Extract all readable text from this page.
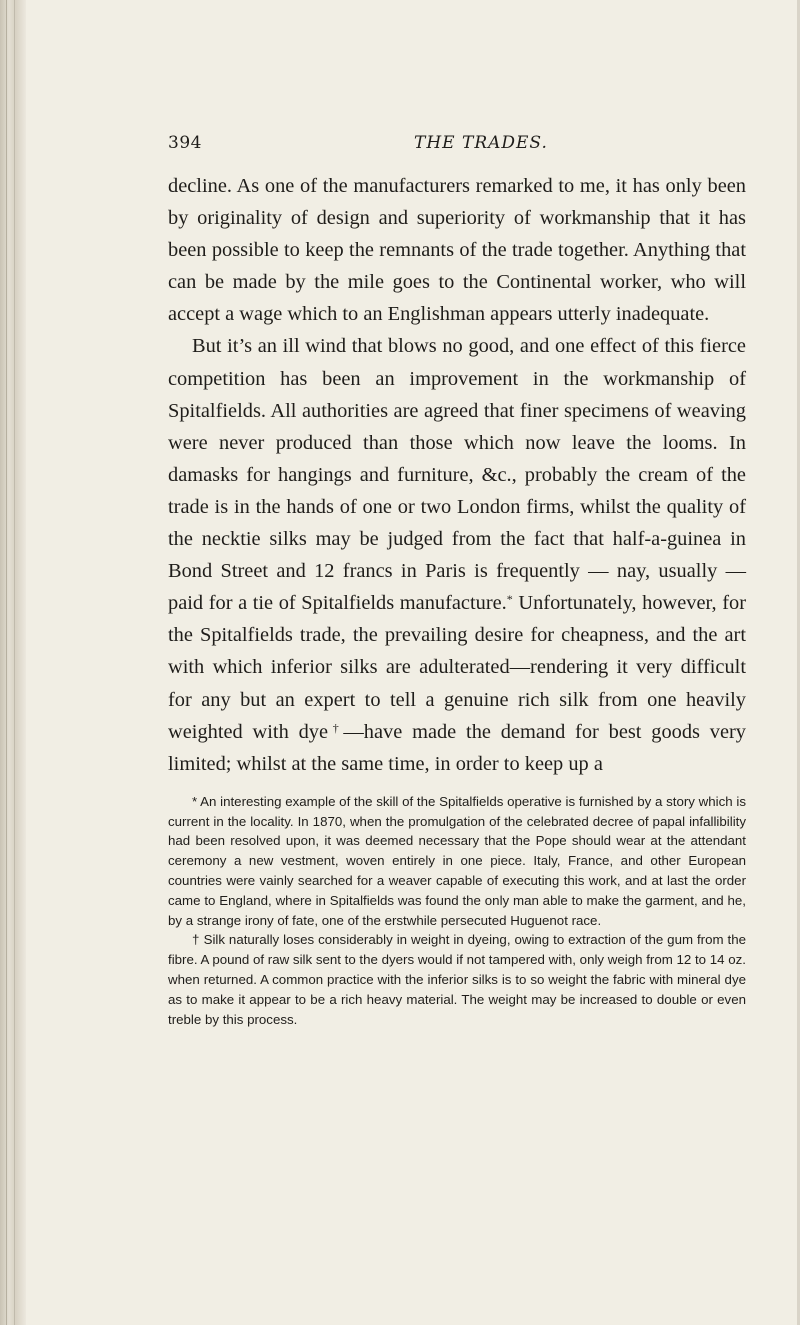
394	THE TRADES.

decline. As one of the manufacturers remarked to me, it has only been by originality of design and superiority of workmanship that it has been possible to keep the remnants of the trade together. Anything that can be made by the mile goes to the Continental worker, who will accept a wage which to an Englishman appears utterly inadequate.

But it’s an ill wind that blows no good, and one effect of this fierce competition has been an improvement in the workmanship of Spitalfields. All authorities are agreed that finer specimens of weaving were never produced than those which now leave the looms. In damasks for hangings and furniture, &c., probably the cream of the trade is in the hands of one or two London firms, whilst the quality of the necktie silks may be judged from the fact that half-a-guinea in Bond Street and 12 francs in Paris is frequently — nay, usually — paid for a tie of Spitalfields manufacture.* Unfortunately, however, for the Spitalfields trade, the prevailing desire for cheapness, and the art with which inferior silks are adulterated—rendering it very difficult for any but an expert to tell a genuine rich silk from one heavily weighted with dye†—have made the demand for best goods very limited; whilst at the same time, in order to keep up a

* An interesting example of the skill of the Spitalfields operative is furnished by a story which is current in the locality. In 1870, when the promulgation of the celebrated decree of papal infallibility had been resolved upon, it was deemed necessary that the Pope should wear at the attendant ceremony a new vestment, woven entirely in one piece. Italy, France, and other European countries were vainly searched for a weaver capable of executing this work, and at last the order came to England, where in Spitalfields was found the only man able to make the garment, and he, by a strange irony of fate, one of the erstwhile persecuted Huguenot race.

† Silk naturally loses considerably in weight in dyeing, owing to extraction of the gum from the fibre. A pound of raw silk sent to the dyers would if not tampered with, only weigh from 12 to 14 oz. when returned. A common practice with the inferior silks is to so weight the fabric with mineral dye as to make it appear to be a rich heavy material. The weight may be increased to double or even treble by this process.
